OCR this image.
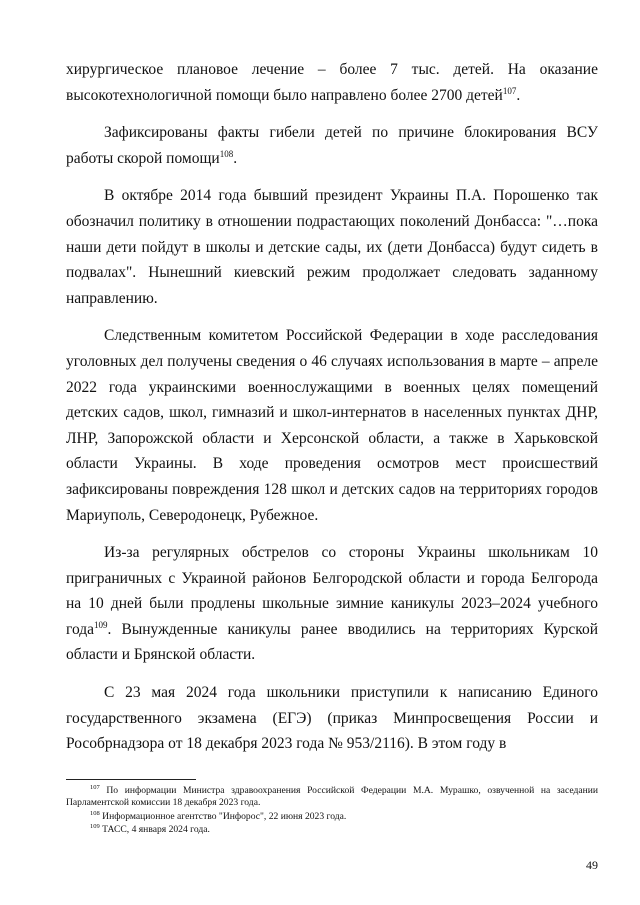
хирургическое плановое лечение – более 7 тыс. детей. На оказание высокотехнологичной помощи было направлено более 2700 детей$^{107}$.

Зафиксированы факты гибели детей по причине блокирования ВСУ работы скорой помощи$^{108}$.

В октябре 2014 года бывший президент Украины П.А. Порошенко так обозначил политику в отношении подрастающих поколений Донбасса: "…пока наши дети пойдут в школы и детские сады, их (дети Донбасса) будут сидеть в подвалах". Нынешний киевский режим продолжает следовать заданному направлению.

Следственным комитетом Российской Федерации в ходе расследования уголовных дел получены сведения о 46 случаях использования в марте – апреле 2022 года украинскими военнослужащими в военных целях помещений детских садов, школ, гимназий и школ-интернатов в населенных пунктах ДНР, ЛНР, Запорожской области и Херсонской области, а также в Харьковской области Украины. В ходе проведения осмотров мест происшествий зафиксированы повреждения 128 школ и детских садов на территориях городов Мариуполь, Северодонецк, Рубежное.

Из-за регулярных обстрелов со стороны Украины школьникам 10 приграничных с Украиной районов Белгородской области и города Белгорода на 10 дней были продлены школьные зимние каникулы 2023–2024 учебного года$^{109}$. Вынужденные каникулы ранее вводились на территориях Курской области и Брянской области.

С 23 мая 2024 года школьники приступили к написанию Единого государственного экзамена (ЕГЭ) (приказ Минпросвещения России и Рособрнадзора от 18 декабря 2023 года № 953/2116). В этом году в

$^{107}$ По информации Министра здравоохранения Российской Федерации М.А. Мурашко, озвученной на заседании Парламентской комиссии 18 декабря 2023 года.

$^{108}$ Информационное агентство "Инфорос", 22 июня 2023 года.

$^{109}$ ТАСС, 4 января 2024 года.

49
